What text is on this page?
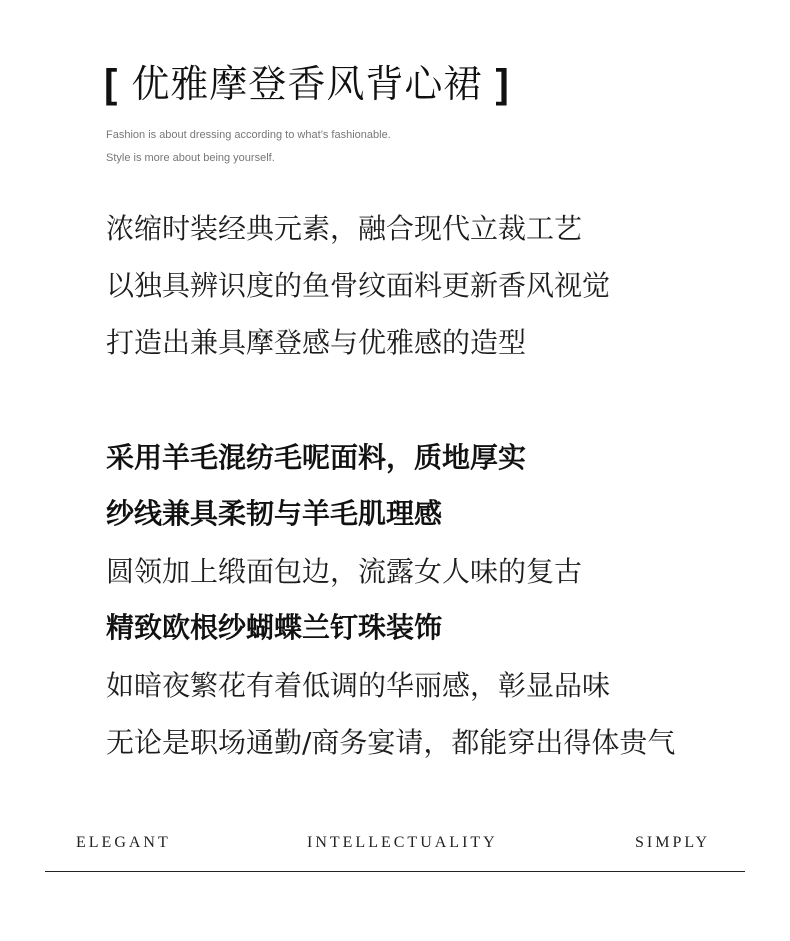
[ 优雅摩登香风背心裙 ]
Fashion is about dressing according to what’s fashionable.
Style is more about being yourself.
浓缩时装经典元素，融合现代立裁工艺
以独具辨识度的鱼骨纹面料更新香风视觉
打造出兼具摩登感与优雅感的造型
采用羊毛混纺毛呢面料，质地厚实
纱线兼具柔韧与羊毛肌理感
圆领加上缎面包边，流露女人味的复古
精致欧根纱蝴蝶兰钉珠装饰
如暗夜繁花有着低调的华丽感，彰显品味
无论是职场通勤/商务宴请，都能穿出得体贵气
ELEGANT	INTELLECTUALITY	SIMPLY
